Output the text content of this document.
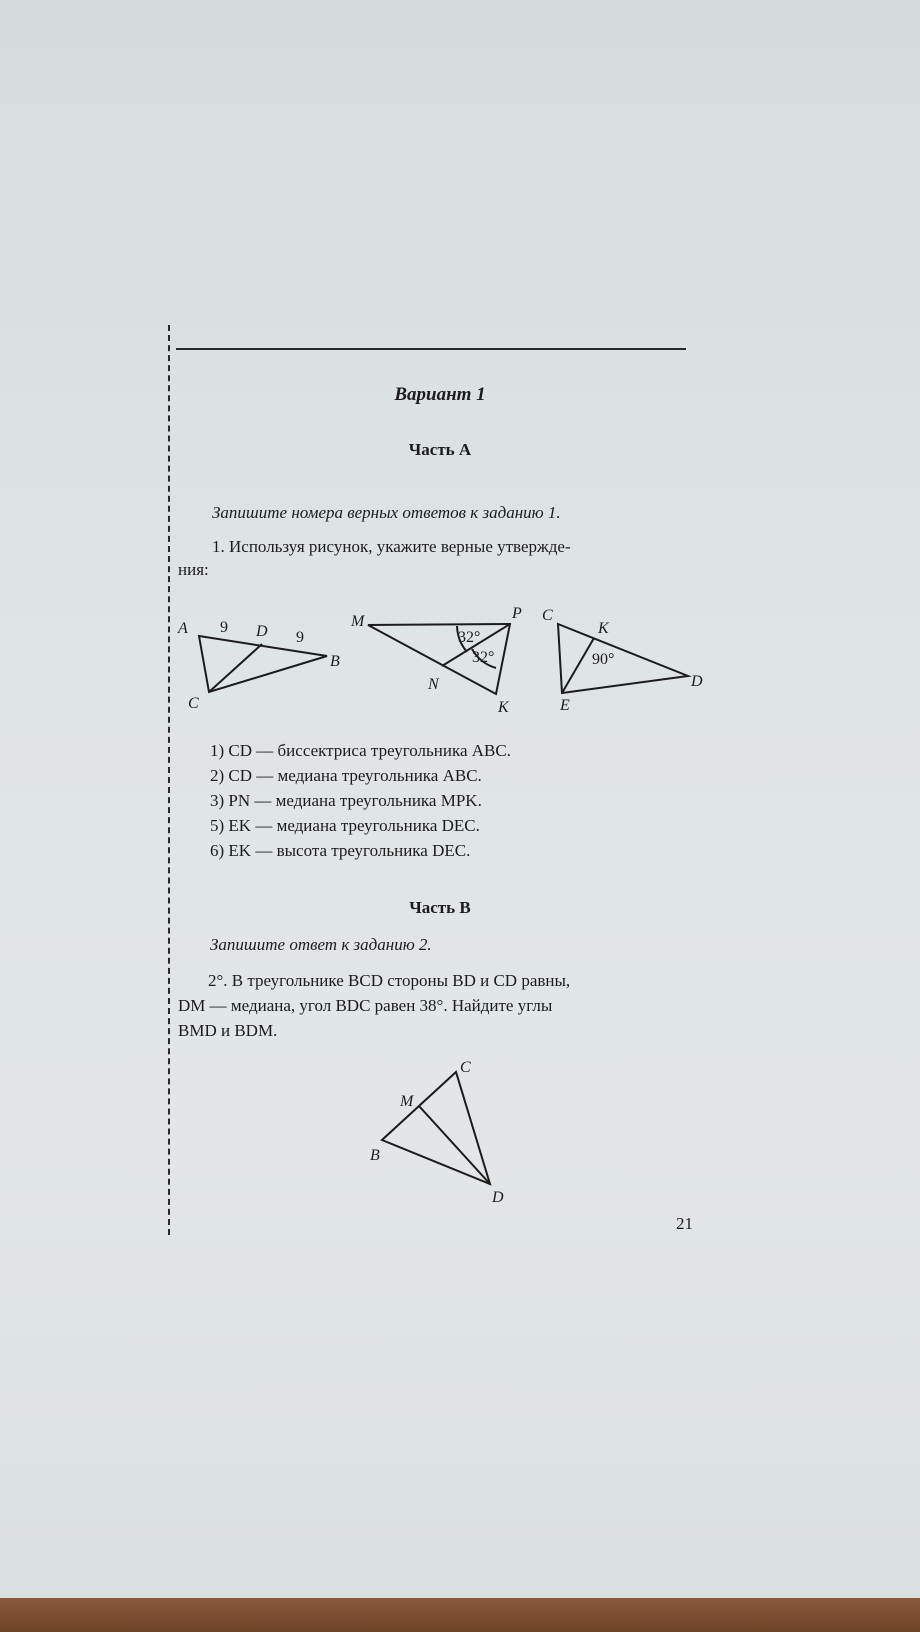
Вариант 1
Часть А
Запишите номера верных ответов к заданию 1.
1. Используя рисунок, укажите верные утвержде-
ния:
A
B
C
D
9
9
M	P
N
K
32°
32°
C
K
D
E
90°
1) CD — биссектриса треугольника ABC.
2) CD — медиана треугольника ABC.
3) PN — медиана треугольника MPK.
5) EK — медиана треугольника DEC.
6) EK — высота треугольника DEC.
Часть В
Запишите ответ к заданию 2.
2°. В треугольнике BCD стороны BD и CD равны,
DM — медиана, угол BDC равен 38°. Найдите углы
BMD и BDM.
C
M
B
D
21
